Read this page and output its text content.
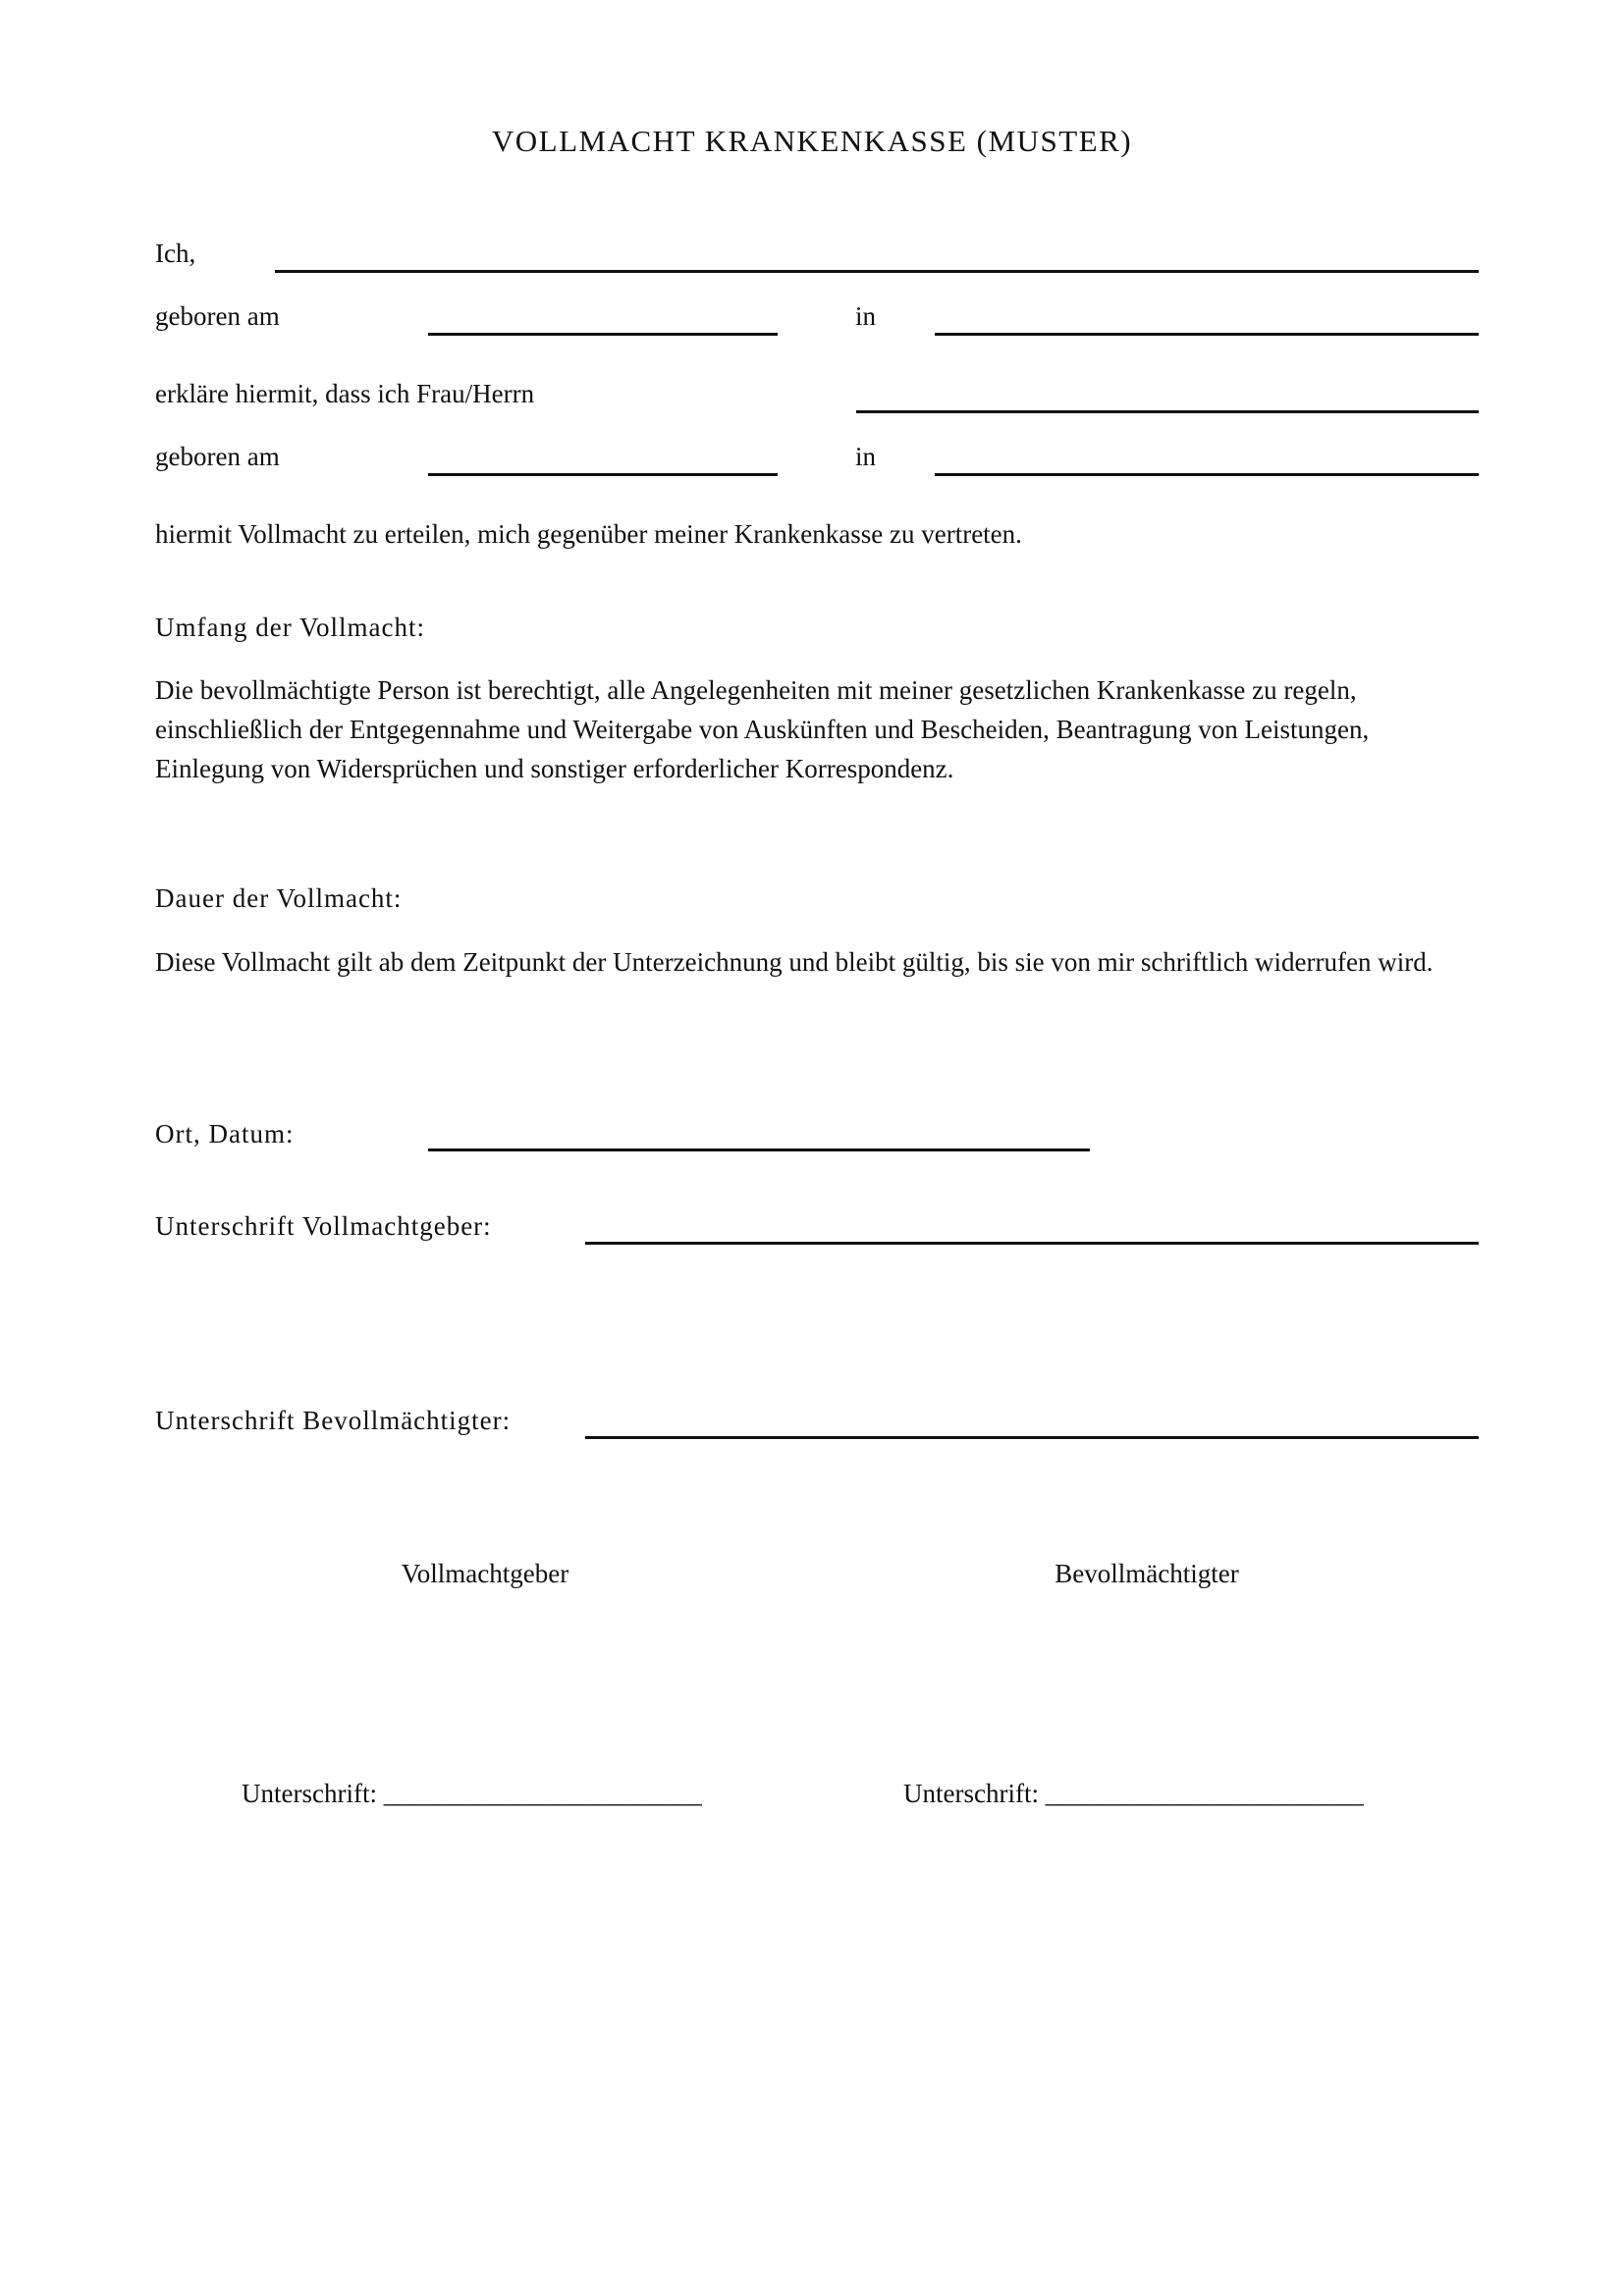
VOLLMACHT KRANKENKASSE (MUSTER)
Ich,
geboren am	in
erkläre hiermit, dass ich Frau/Herrn
geboren am	in
hiermit Vollmacht zu erteilen, mich gegenüber meiner Krankenkasse zu vertreten.
Umfang der Vollmacht:
Die bevollmächtigte Person ist berechtigt, alle Angelegenheiten mit meiner gesetzlichen Krankenkasse zu regeln, einschließlich der Entgegennahme und Weitergabe von Auskünften und Bescheiden, Beantragung von Leistungen, Einlegung von Widersprüchen und sonstiger erforderlicher Korrespondenz.
Dauer der Vollmacht:
Diese Vollmacht gilt ab dem Zeitpunkt der Unterzeichnung und bleibt gültig, bis sie von mir schriftlich widerrufen wird.
Ort, Datum:
Unterschrift Vollmachtgeber:
Unterschrift Bevollmächtigter:
Vollmachtgeber	Bevollmächtigter
Unterschrift: ________________________	Unterschrift: ________________________
